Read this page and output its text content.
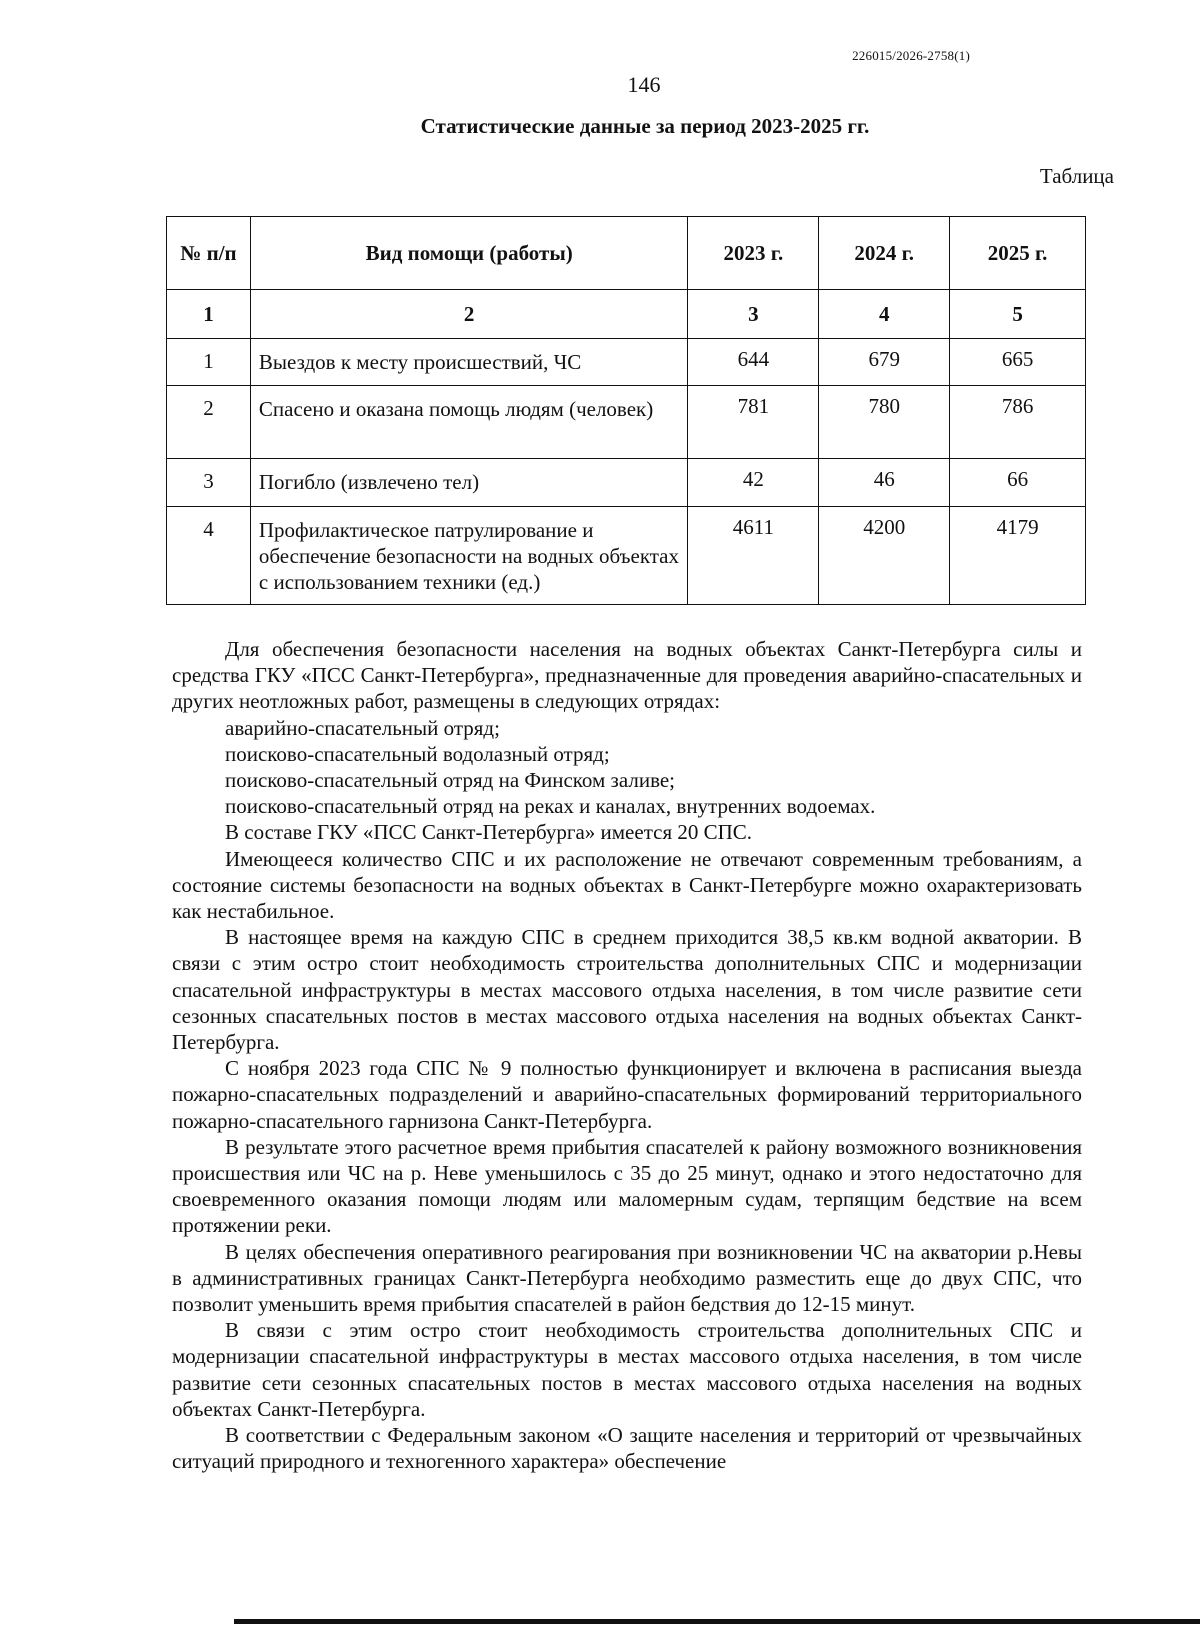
226015/2026-2758(1)
146
Статистические данные за период 2023-2025 гг.
Таблица
№ п/п	Вид помощи (работы)	2023 г.	2024 г.	2025 г.
1	2	3	4	5
1	Выездов к месту происшествий, ЧС	644	679	665
2	Спасено и оказана помощь людям (человек)	781	780	786
3	Погибло (извлечено тел)	42	46	66
4	Профилактическое патрулирование и обеспечение безопасности на водных объектах с использованием техники (ед.)	4611	4200	4179

Для обеспечения безопасности населения на водных объектах Санкт-Петербурга силы и средства ГКУ «ПСС Санкт-Петербурга», предназначенные для проведения аварийно-спасательных и других неотложных работ, размещены в следующих отрядах:

аварийно-спасательный отряд;

поисково-спасательный водолазный отряд;

поисково-спасательный отряд на Финском заливе;

поисково-спасательный отряд на реках и каналах, внутренних водоемах.

В составе ГКУ «ПСС Санкт-Петербурга» имеется 20 СПС.

Имеющееся количество СПС и их расположение не отвечают современным требованиям, а состояние системы безопасности на водных объектах в Санкт-Петербурге можно охарактеризовать как нестабильное.

В настоящее время на каждую СПС в среднем приходится 38,5 кв.км водной акватории. В связи с этим остро стоит необходимость строительства дополнительных СПС и модернизации спасательной инфраструктуры в местах массового отдыха населения, в том числе развитие сети сезонных спасательных постов в местах массового отдыха населения на водных объектах Санкт-Петербурга.

С ноября 2023 года СПС № 9 полностью функционирует и включена в расписания выезда пожарно-спасательных подразделений и аварийно-спасательных формирований территориального пожарно-спасательного гарнизона Санкт-Петербурга.

В результате этого расчетное время прибытия спасателей к району возможного возникновения происшествия или ЧС на р. Неве уменьшилось с 35 до 25 минут, однако и этого недостаточно для своевременного оказания помощи людям или маломерным судам, терпящим бедствие на всем протяжении реки.

В целях обеспечения оперативного реагирования при возникновении ЧС на акватории р.Невы в административных границах Санкт-Петербурга необходимо разместить еще до двух СПС, что позволит уменьшить время прибытия спасателей в район бедствия до 12-15 минут.

В связи с этим остро стоит необходимость строительства дополнительных СПС и модернизации спасательной инфраструктуры в местах массового отдыха населения, в том числе развитие сети сезонных спасательных постов в местах массового отдыха населения на водных объектах Санкт-Петербурга.

В соответствии с Федеральным законом «О защите населения и территорий от чрезвычайных ситуаций природного и техногенного характера» обеспечение
